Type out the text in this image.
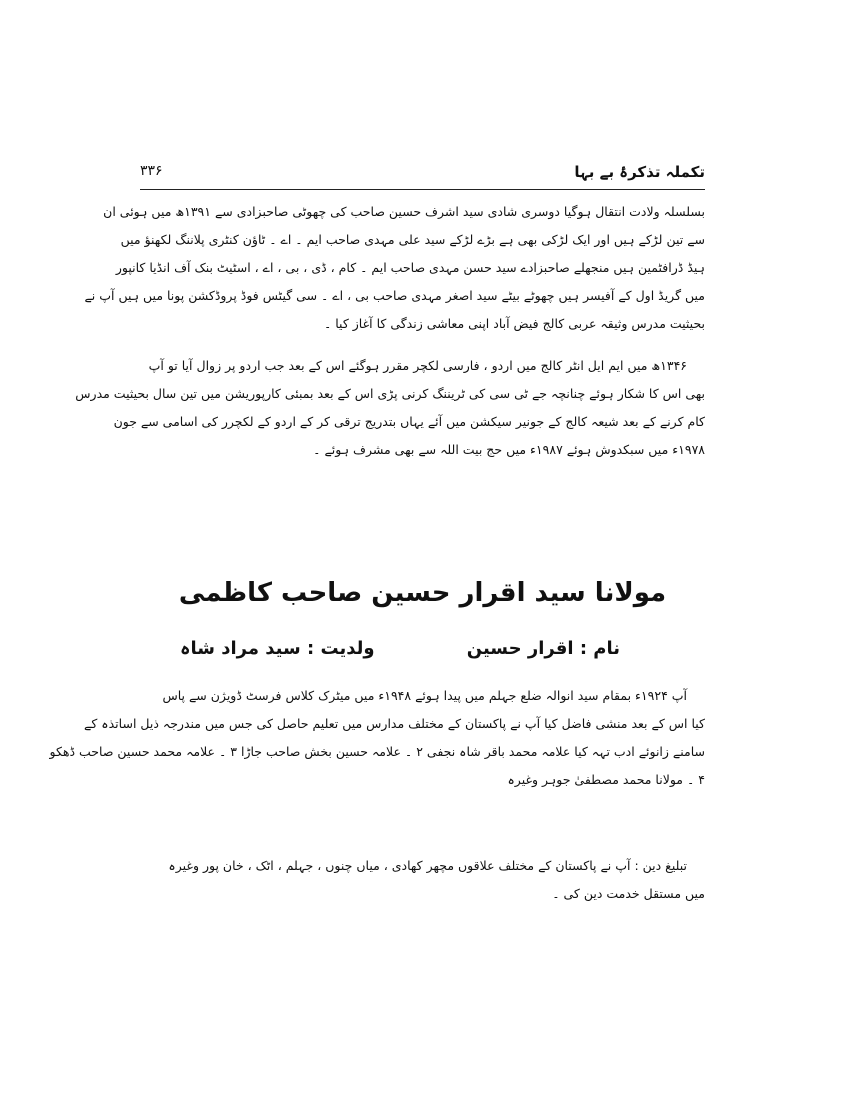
تکملہ تذکرۂ بے بہا
۳۳۶
بسلسلہ ولادت انتقال ہوگیا دوسری شادی سید اشرف حسین صاحب کی چھوٹی صاحبزادی سے ۱۳۹۱ھ میں ہوئی ان
سے تین لڑکے ہیں اور ایک لڑکی بھی ہے بڑے لڑکے سید علی مہدی صاحب ایم ۔ اے ۔ ٹاؤن کنٹری پلاننگ لکھنؤ میں
ہیڈ ڈرافٹمین ہیں منجھلے صاحبزادے سید حسن مہدی صاحب ایم ۔ کام ، ڈی ، بی ، اے ، اسٹیٹ بنک آف انڈیا کانپور
میں گریڈ اول کے آفیسر ہیں چھوٹے بیٹے سید اصغر مہدی صاحب بی ، اے ۔ سی گیٹس فوڈ پروڈکشن پونا میں ہیں آپ نے
بحیثیت مدرس وثیقہ عربی کالج فیض آباد اپنی معاشی زندگی کا آغاز کیا ۔
۱۳۴۶ھ میں ایم ایل انٹر کالج میں اردو ، فارسی لکچر مقرر ہوگئے اس کے بعد جب اردو پر زوال آیا تو آپ
بھی اس کا شکار ہوئے چنانچہ جے ٹی سی کی ٹریننگ کرنی پڑی اس کے بعد بمبئی کارپوریشن میں تین سال بحیثیت مدرس
کام کرنے کے بعد شیعہ کالج کے جونیر سیکشن میں آئے یہاں بتدریج ترقی کر کے اردو کے لکچرر کی اسامی سے جون
۱۹۷۸ء میں سبکدوش ہوئے ۱۹۸۷ء میں حج بیت اللہ سے بھی مشرف ہوئے ۔
مولانا سید اقرار حسین صاحب کاظمی
نام : اقرار حسین
ولدیت : سید مراد شاہ
آپ ۱۹۲۴ء بمقام سید انوالہ ضلع جہلم میں پیدا ہوئے ۱۹۴۸ء میں میٹرک کلاس فرسٹ ڈویژن سے پاس
کیا اس کے بعد منشی فاضل کیا آپ نے پاکستان کے مختلف مدارس میں تعلیم حاصل کی جس میں مندرجہ ذیل اساتذہ کے
سامنے زانوئے ادب تہہ کیا علامہ محمد باقر شاہ نجفی ۲ ۔ علامہ حسین بخش صاحب جاڑا ۳ ۔ علامہ محمد حسین صاحب ڈھکو
۴ ۔ مولانا محمد مصطفیٰ جوہر وغیرہ
تبلیغ دین : آپ نے پاکستان کے مختلف علاقوں مچھر کھادی ، میاں چنوں ، جہلم ، اٹک ، خان پور وغیرہ
میں مستقل خدمت دین کی ۔
